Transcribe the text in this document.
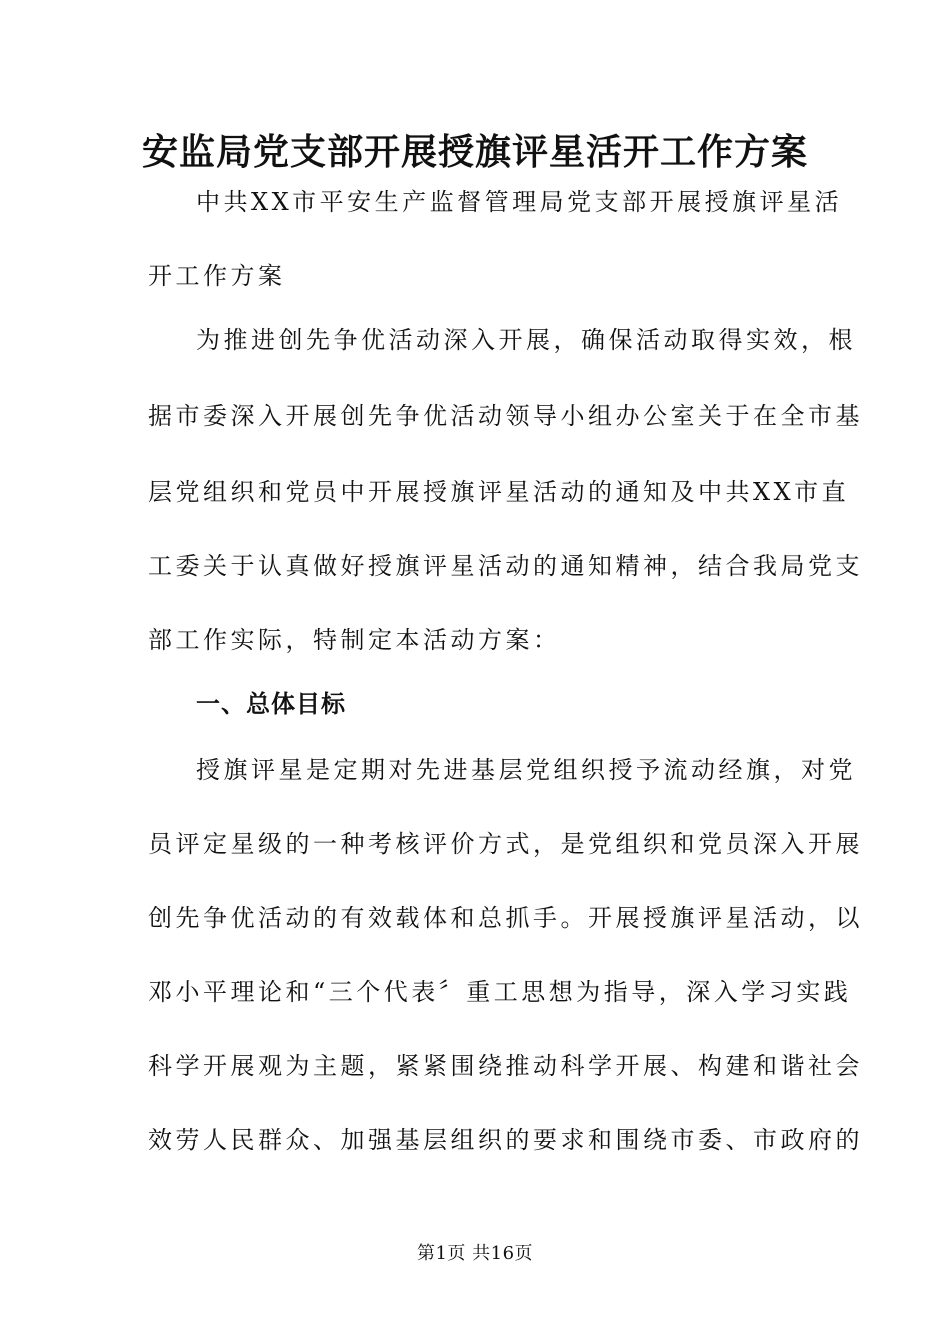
安监局党支部开展授旗评星活开工作方案

中共XX市平安生产监督管理局党支部开展授旗评星活

开工作方案

为推进创先争优活动深入开展，确保活动取得实效，根

据市委深入开展创先争优活动领导小组办公室关于在全市基

层党组织和党员中开展授旗评星活动的通知及中共XX市直

工委关于认真做好授旗评星活动的通知精神，结合我局党支

部工作实际，特制定本活动方案：

一、总体目标

授旗评星是定期对先进基层党组织授予流动经旗，对党

员评定星级的一种考核评价方式，是党组织和党员深入开展

创先争优活动的有效载体和总抓手。开展授旗评星活动，以

邓小平理论和“三个代表〞重工思想为指导，深入学习实践

科学开展观为主题，紧紧围绕推动科学开展、构建和谐社会

效劳人民群众、加强基层组织的要求和围绕市委、市政府的

第1页 共16页
